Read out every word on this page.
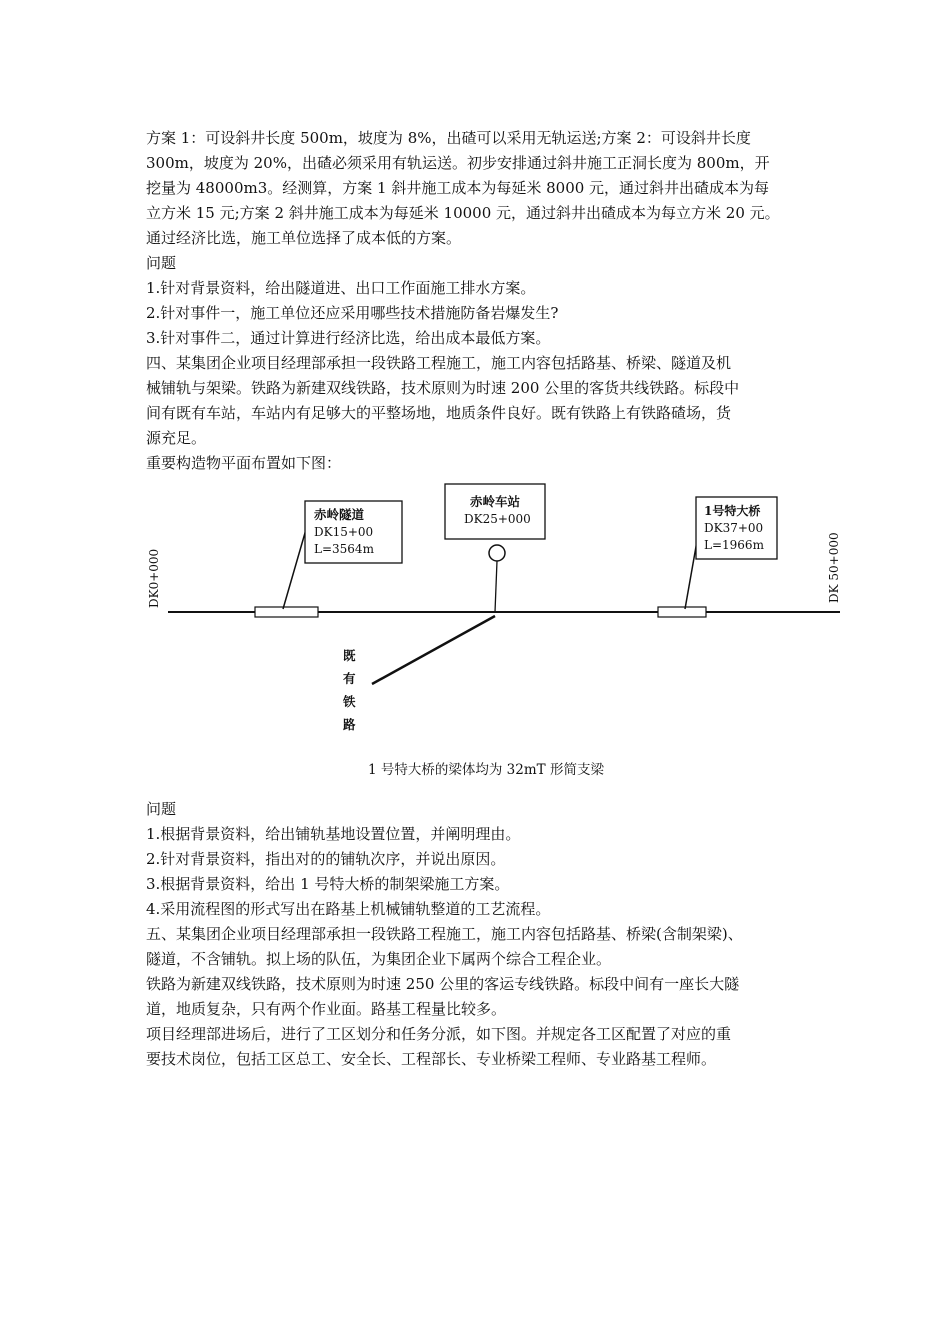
方案 1：可设斜井长度 500m，坡度为 8%，出碴可以采用无轨运送;方案 2：可设斜井长度

300m，坡度为 20%，出碴必须采用有轨运送。初步安排通过斜井施工正洞长度为 800m，开

挖量为 48000m3。经测算，方案 1 斜井施工成本为每延米 8000 元，通过斜井出碴成本为每

立方米 15 元;方案 2 斜井施工成本为每延米 10000 元，通过斜井出碴成本为每立方米 20 元。

通过经济比选，施工单位选择了成本低的方案。

问题

1.针对背景资料，给出隧道进、出口工作面施工排水方案。

2.针对事件一，施工单位还应采用哪些技术措施防备岩爆发生?

3.针对事件二，通过计算进行经济比选，给出成本最低方案。

四、某集团企业项目经理部承担一段铁路工程施工，施工内容包括路基、桥梁、隧道及机

械铺轨与架梁。铁路为新建双线铁路，技术原则为时速 200 公里的客货共线铁路。标段中

间有既有车站，车站内有足够大的平整场地，地质条件良好。既有铁路上有铁路碴场，货

源充足。

重要构造物平面布置如下图：

DK0+000	DK 50+000
赤岭隧道
DK15+00
L=3564m
赤岭车站
DK25+000
既
有
铁
路
1号特大桥
DK37+00
L=1966m
1 号特大桥的梁体均为 32mT 形简支梁

问题

1.根据背景资料，给出铺轨基地设置位置，并阐明理由。

2.针对背景资料，指出对的的铺轨次序，并说出原因。

3.根据背景资料，给出 1 号特大桥的制架梁施工方案。

4.采用流程图的形式写出在路基上机械铺轨整道的工艺流程。

五、某集团企业项目经理部承担一段铁路工程施工，施工内容包括路基、桥梁(含制架梁)、

隧道，不含铺轨。拟上场的队伍，为集团企业下属两个综合工程企业。

铁路为新建双线铁路，技术原则为时速 250 公里的客运专线铁路。标段中间有一座长大隧

道，地质复杂，只有两个作业面。路基工程量比较多。

项目经理部进场后，进行了工区划分和任务分派，如下图。并规定各工区配置了对应的重

要技术岗位，包括工区总工、安全长、工程部长、专业桥梁工程师、专业路基工程师。
